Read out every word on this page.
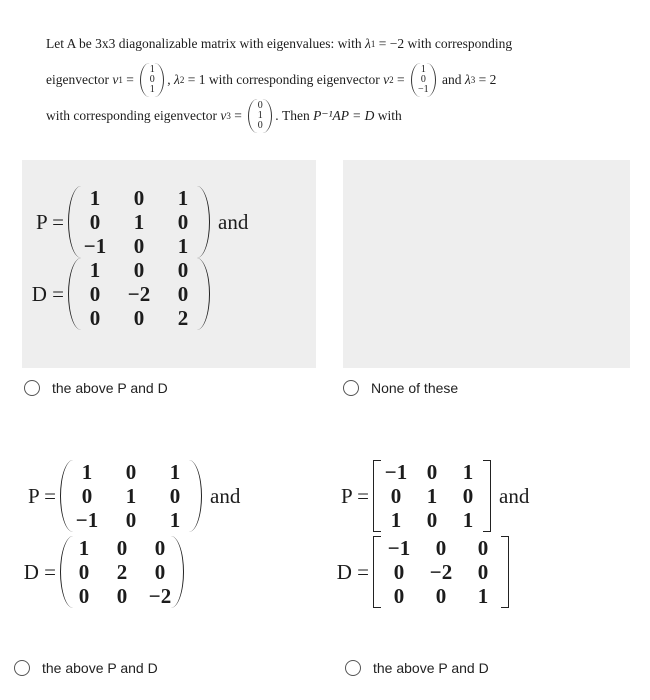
Let A be 3x3 diagonalizable matrix with eigenvalues: with
λ 1 = −2
with corresponding
eigenvector
v 1 =
1
0
1
, λ 2 = 1
with corresponding eigenvector
v 2 =
1
0
−1

and
λ 3 = 2
with corresponding eigenvector
v 3 =
0
1
0
. Then
P⁻¹AP = D
with
P =
1	0	1
0	1	0
−1	0	1
and
D =
1	0	0
0	−2	0
0	0	2
the above P and D	None of these
P =
1	0	1
0	1	0
−1	0	1
and
D =
1	0	0
0	2	0
0	0	−2
P =
−1 0	1
0	1	0
1	0	1
and
D =
−1	0	0
0	−2	0
0	0	1
the above P and D	the above P and D
